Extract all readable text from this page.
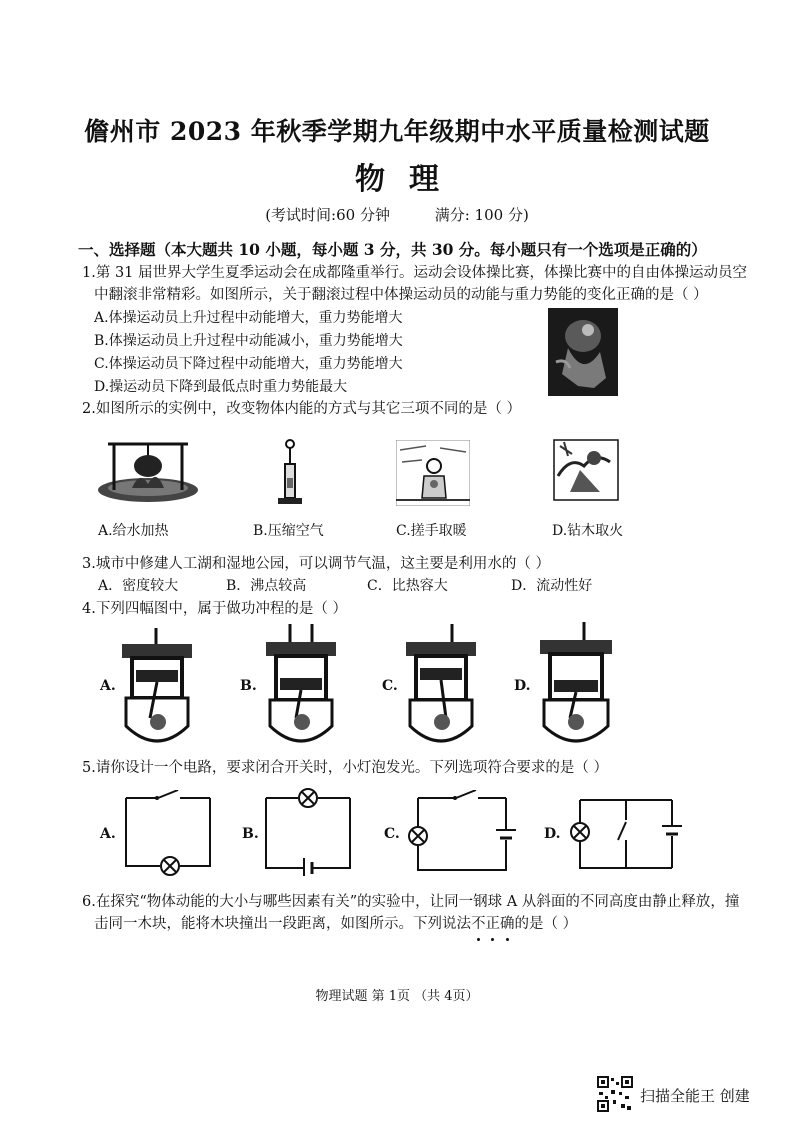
儋州市 2023 年秋季学期九年级期中水平质量检测试题
物理
(考试时间:60 分钟	满分: 100 分)
一、选择题（本大题共 10 小题，每小题 3 分，共 30 分。每小题只有一个选项是正确的）
1.第 31 届世界大学生夏季运动会在成都隆重举行。运动会设体操比赛，体操比赛中的自由体操运动员空
中翻滚非常精彩。如图所示，关于翻滚过程中体操运动员的动能与重力势能的变化正确的是（ ）
A.体操运动员上升过程中动能增大，重力势能增大
B.体操运动员上升过程中动能减小，重力势能增大
C.体操运动员下降过程中动能增大，重力势能增大
D.操运动员下降到最低点时重力势能最大
2.如图所示的实例中，改变物体内能的方式与其它三项不同的是（ ）
A.给水加热	B.压缩空气	C.搓手取暖	D.钻木取火
3.城市中修建人工湖和湿地公园，可以调节气温，这主要是利用水的（ ）
A．密度较大	B．沸点较高	C．比热容大	D．流动性好
4.下列四幅图中，属于做功冲程的是（ ）
A.	B.	C.	D.
5.请你设计一个电路，要求闭合开关时，小灯泡发光。下列选项符合要求的是（ ）
A.	B.	C.	D.
6.在探究“物体动能的大小与哪些因素有关”的实验中，让同一钢球 A 从斜面的不同高度由静止释放，撞
击同一木块，能将木块撞出一段距离，如图所示。下列说法不正确的是（ ）
物理试题 第 1页 （共 4页）
扫描全能王 创建
